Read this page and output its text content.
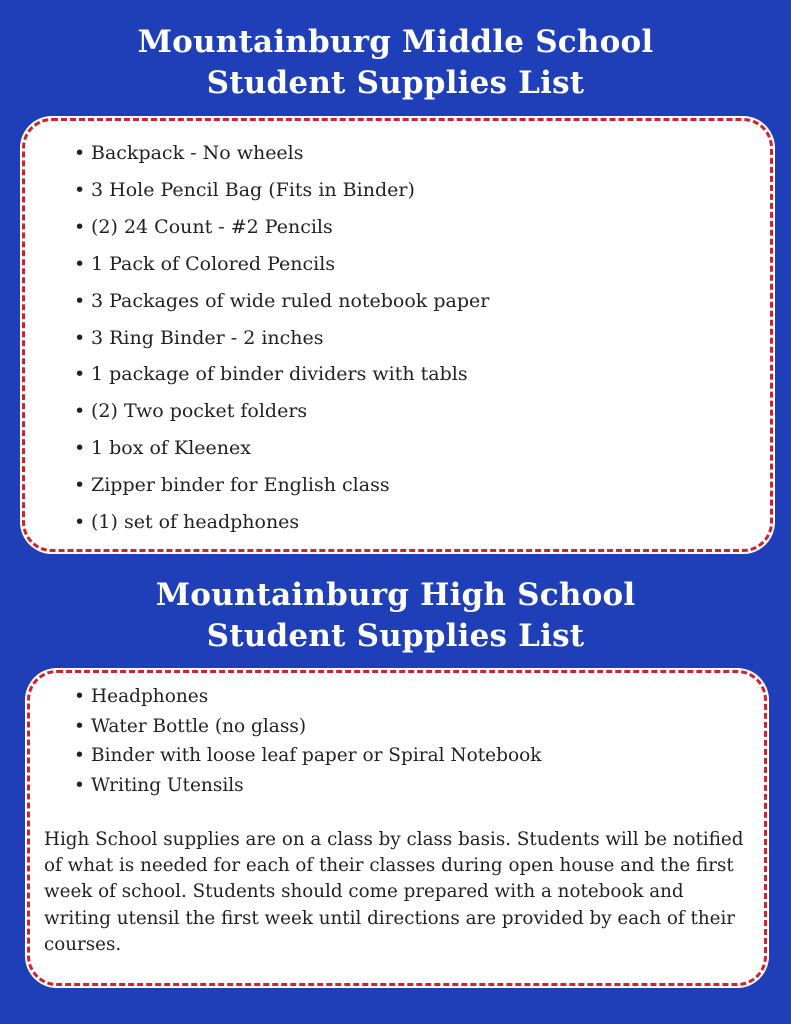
Mountainburg Middle School
Student Supplies List
• Backpack - No wheels
• 3 Hole Pencil Bag (Fits in Binder)
• (2) 24 Count - #2 Pencils
• 1 Pack of Colored Pencils
• 3 Packages of wide ruled notebook paper
• 3 Ring Binder - 2 inches
• 1 package of binder dividers with tabls
• (2) Two pocket folders
• 1 box of Kleenex
• Zipper binder for English class
• (1) set of headphones
Mountainburg High School
Student Supplies List
• Headphones
• Water Bottle (no glass)
• Binder with loose leaf paper or Spiral Notebook
• Writing Utensils

High School supplies are on a class by class basis. Students will be notified of what is needed for each of their classes during open house and the first week of school. Students should come prepared with a notebook and writing utensil the first week until directions are provided by each of their courses.
